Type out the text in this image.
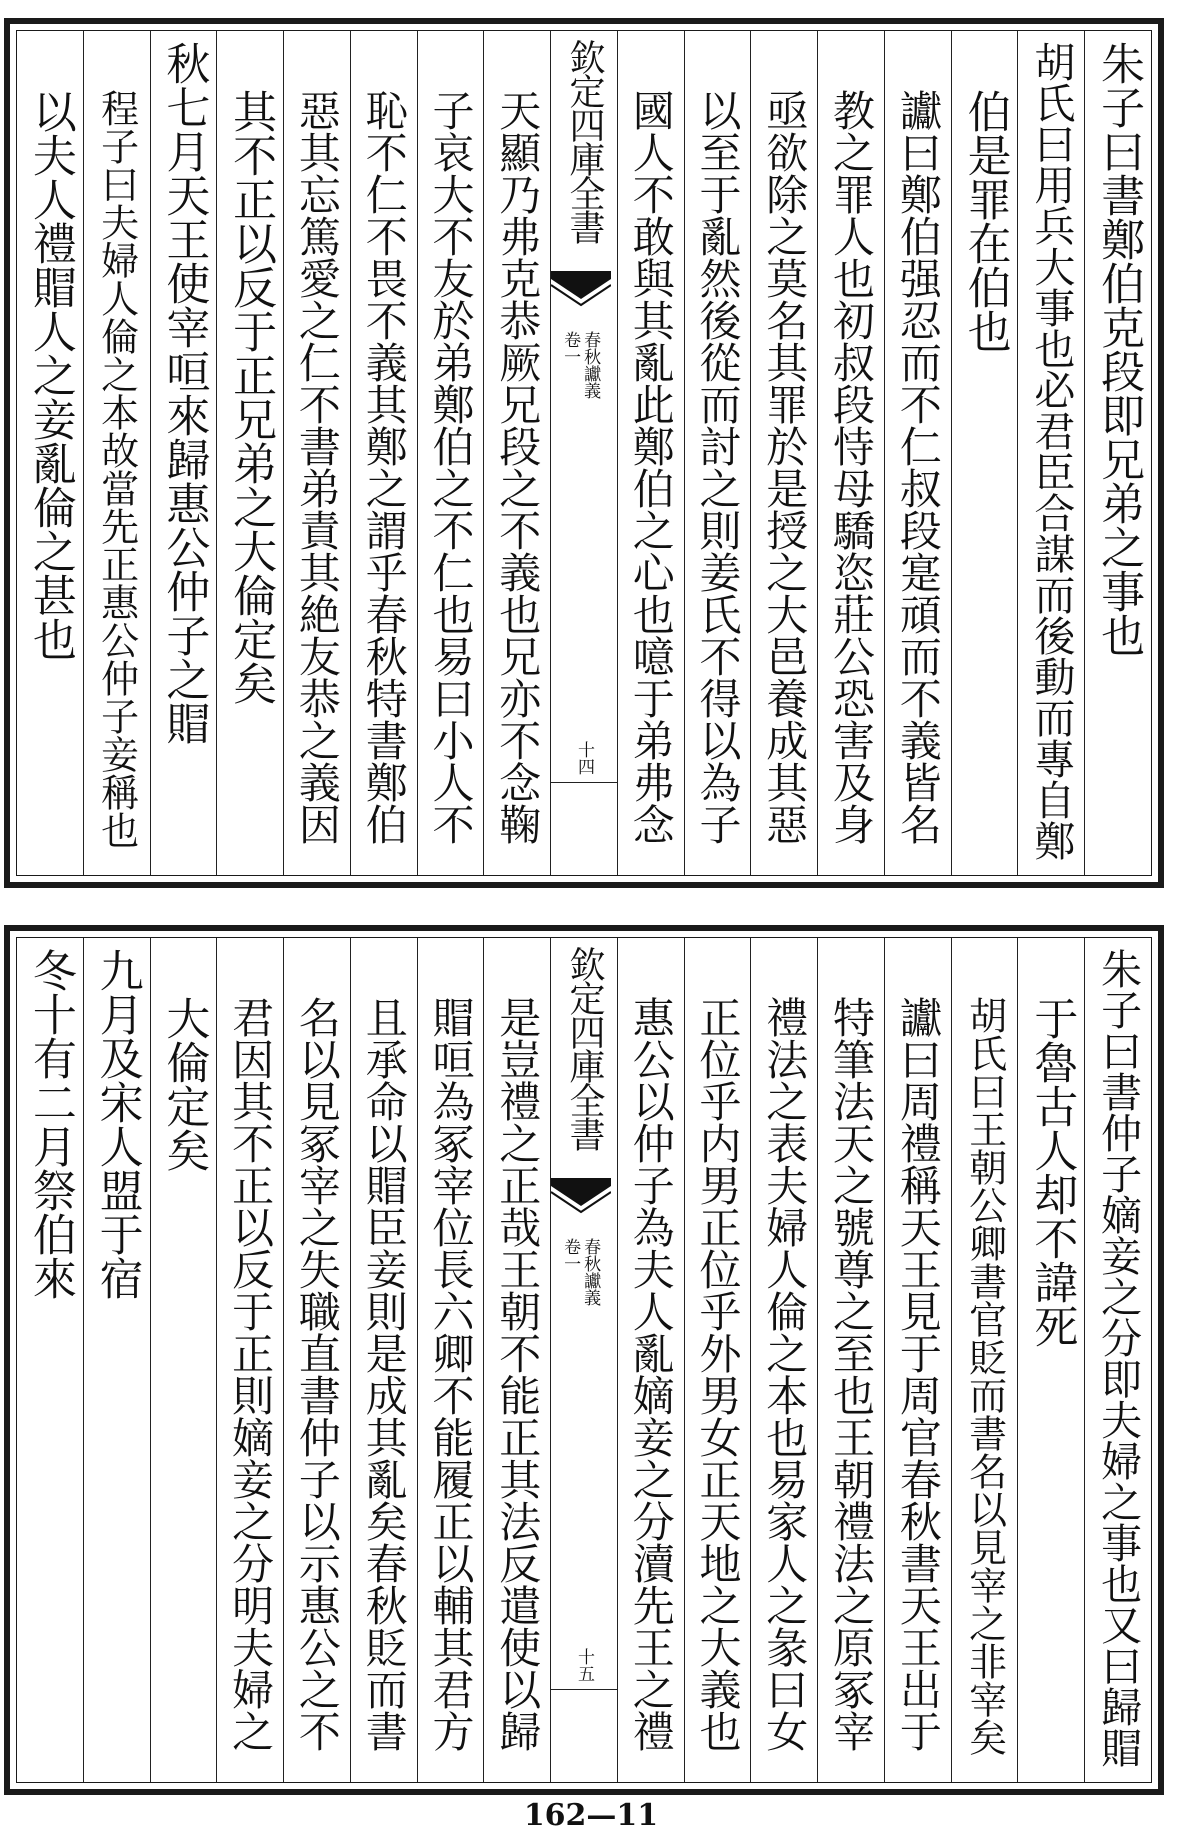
朱子曰書鄭伯克段即兄弟之事也
胡氏曰用兵大事也必君臣合謀而後動而專自鄭
伯是罪在伯也
讞曰鄭伯强忍而不仁叔段寔頑而不義皆名
教之罪人也初叔段恃母驕恣莊公恐害及身
亟欲除之莫名其罪於是授之大邑養成其惡
以至于亂然後從而討之則姜氏不得以為子
國人不敢與其亂此鄭伯之心也噫于弟弗念
欽定四庫全書
春秋讞義
卷一
十四
天顯乃弗克恭厥兄段之不義也兄亦不念鞠
子哀大不友於弟鄭伯之不仁也易曰小人不
恥不仁不畏不義其鄭之謂乎春秋特書鄭伯
惡其忘篤愛之仁不書弟責其絶友恭之義因
其不正以反于正兄弟之大倫定矣
秋七月天王使宰咺來歸惠公仲子之賵
程子曰夫婦人倫之本故當先正惠公仲子妾稱也
以夫人禮賵人之妾亂倫之甚也
朱子曰書仲子嫡妾之分即夫婦之事也又曰歸賵
于魯古人却不諱死
胡氏曰王朝公卿書官貶而書名以見宰之非宰矣
讞曰周禮稱天王見于周官春秋書天王出于
特筆法天之號尊之至也王朝禮法之原冢宰
禮法之表夫婦人倫之本也易家人之彖曰女
正位乎内男正位乎外男女正天地之大義也
惠公以仲子為夫人亂嫡妾之分瀆先王之禮
欽定四庫全書
春秋讞義
卷一
十五
是豈禮之正哉王朝不能正其法反遣使以歸
賵咺為冢宰位長六卿不能履正以輔其君方
且承命以賵臣妾則是成其亂矣春秋貶而書
名以見冢宰之失職直書仲子以示惠公之不
君因其不正以反于正則嫡妾之分明夫婦之
大倫定矣
九月及宋人盟于宿
冬十有二月祭伯來
162—11
